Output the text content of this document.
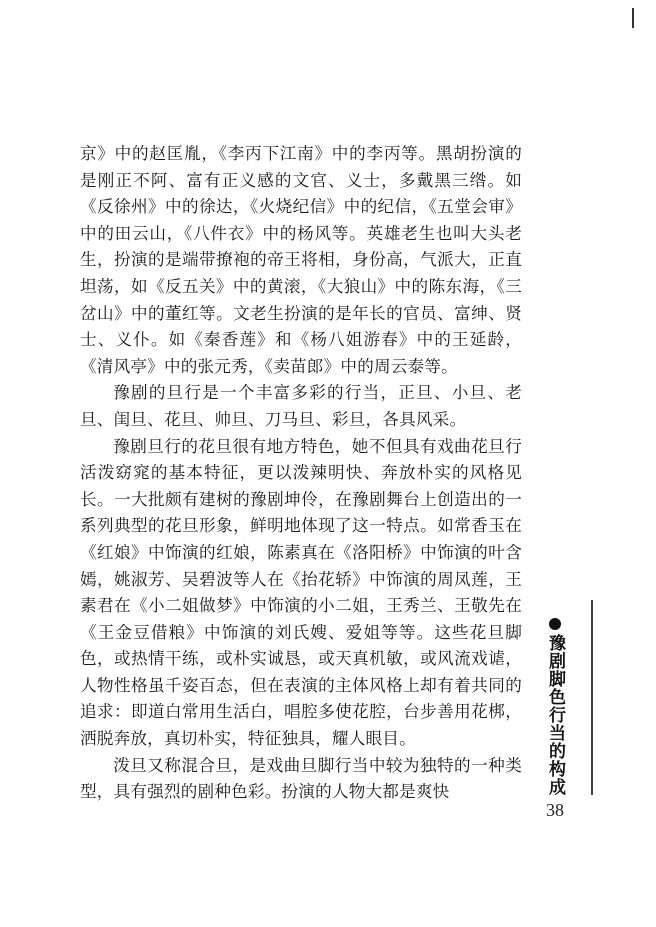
京》中的赵匡胤，《李丙下江南》中的李丙等。黑胡扮演的是刚正不阿、富有正义感的文官、义士，多戴黑三绺。如《反徐州》中的徐达，《火烧纪信》中的纪信，《五堂会审》中的田云山，《八件衣》中的杨风等。英雄老生也叫大头老生，扮演的是端带撩袍的帝王将相，身份高，气派大，正直坦荡，如《反五关》中的黄滚，《大狼山》中的陈东海，《三岔山》中的董红等。文老生扮演的是年长的官员、富绅、贤士、义仆。如《秦香莲》和《杨八姐游春》中的王延龄，《清风亭》中的张元秀，《卖苗郎》中的周云泰等。

豫剧的旦行是一个丰富多彩的行当，正旦、小旦、老旦、闺旦、花旦、帅旦、刀马旦、彩旦，各具风采。

豫剧旦行的花旦很有地方特色，她不但具有戏曲花旦行活泼窈窕的基本特征，更以泼辣明快、奔放朴实的风格见长。一大批颇有建树的豫剧坤伶，在豫剧舞台上创造出的一系列典型的花旦形象，鲜明地体现了这一特点。如常香玉在《红娘》中饰演的红娘，陈素真在《洛阳桥》中饰演的叶含嫣，姚淑芳、吴碧波等人在《抬花轿》中饰演的周凤莲，王素君在《小二姐做梦》中饰演的小二姐，王秀兰、王敬先在《王金豆借粮》中饰演的刘氏嫂、爱姐等等。这些花旦脚色，或热情干练，或朴实诚恳，或天真机敏，或风流戏谑，人物性格虽千姿百态，但在表演的主体风格上却有着共同的追求：即道白常用生活白，唱腔多使花腔，台步善用花梆，洒脱奔放，真切朴实，特征独具，耀人眼目。

泼旦又称混合旦，是戏曲旦脚行当中较为独特的一种类型，具有强烈的剧种色彩。扮演的人物大都是爽快	豫剧脚色行当的构成
38
